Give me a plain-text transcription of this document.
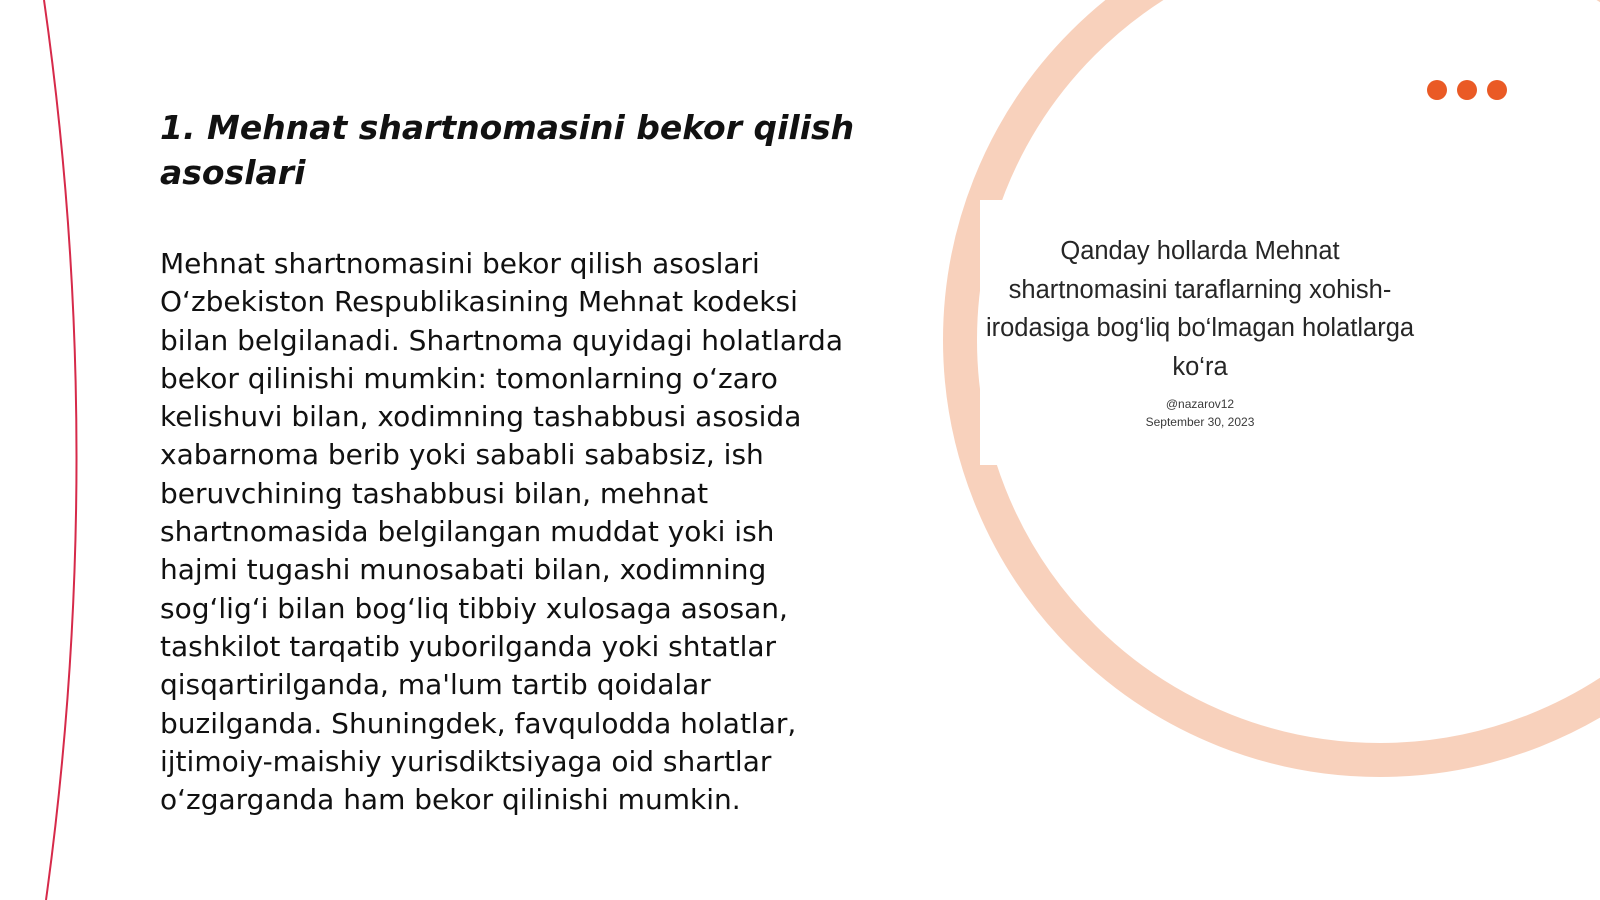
1. Mehnat shartnomasini bekor qilish asoslari

Mehnat shartnomasini bekor qilish asoslari O‘zbekiston Respublikasining Mehnat kodeksi bilan belgilanadi. Shartnoma quyidagi holatlarda bekor qilinishi mumkin: tomonlarning o‘zaro kelishuvi bilan, xodimning tashabbusi asosida xabarnoma berib yoki sababli sababsiz, ish beruvchining tashabbusi bilan, mehnat shartnomasida belgilangan muddat yoki ish hajmi tugashi munosabati bilan, xodimning sog‘lig‘i bilan bog‘liq tibbiy xulosaga asosan, tashkilot tarqatib yuborilganda yoki shtatlar qisqartirilganda, ma'lum tartib qoidalar buzilganda. Shuningdek, favqulodda holatlar, ijtimoiy-maishiy yurisdiktsiyaga oid shartlar o‘zgarganda ham bekor qilinishi mumkin.

Qanday hollarda Mehnat shartnomasini taraflarning xohish-irodasiga bog‘liq bo‘lmagan holatlarga ko‘ra

@nazarov12
September 30, 2023
